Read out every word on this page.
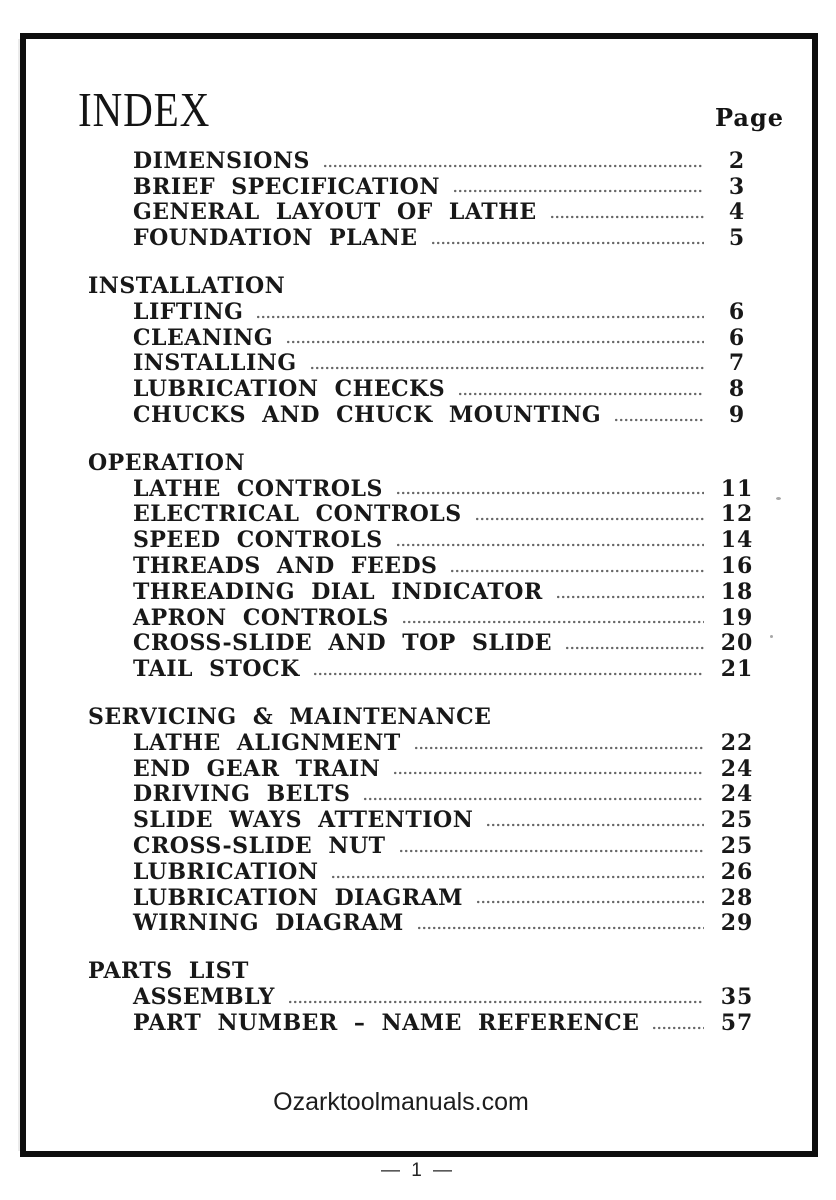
INDEX	Page
DIMENSIONS	2
BRIEF SPECIFICATION	3
GENERAL LAYOUT OF LATHE	4
FOUNDATION PLANE	5
INSTALLATION
LIFTING	6
CLEANING	6
INSTALLING	7
LUBRICATION CHECKS	8
CHUCKS AND CHUCK MOUNTING	9
OPERATION
LATHE CONTROLS	11
ELECTRICAL CONTROLS	12
SPEED CONTROLS	14
THREADS AND FEEDS	16
THREADING DIAL INDICATOR	18
APRON CONTROLS	19
CROSS-SLIDE AND TOP SLIDE	20
TAIL STOCK	21
SERVICING & MAINTENANCE
LATHE ALIGNMENT	22
END GEAR TRAIN	24
DRIVING BELTS	24
SLIDE WAYS ATTENTION	25
CROSS-SLIDE NUT	25
LUBRICATION	26
LUBRICATION DIAGRAM	28
WIRNING DIAGRAM	29
PARTS LIST
ASSEMBLY	35
PART NUMBER – NAME REFERENCE	57
Ozarktoolmanuals.com
— 1 —
